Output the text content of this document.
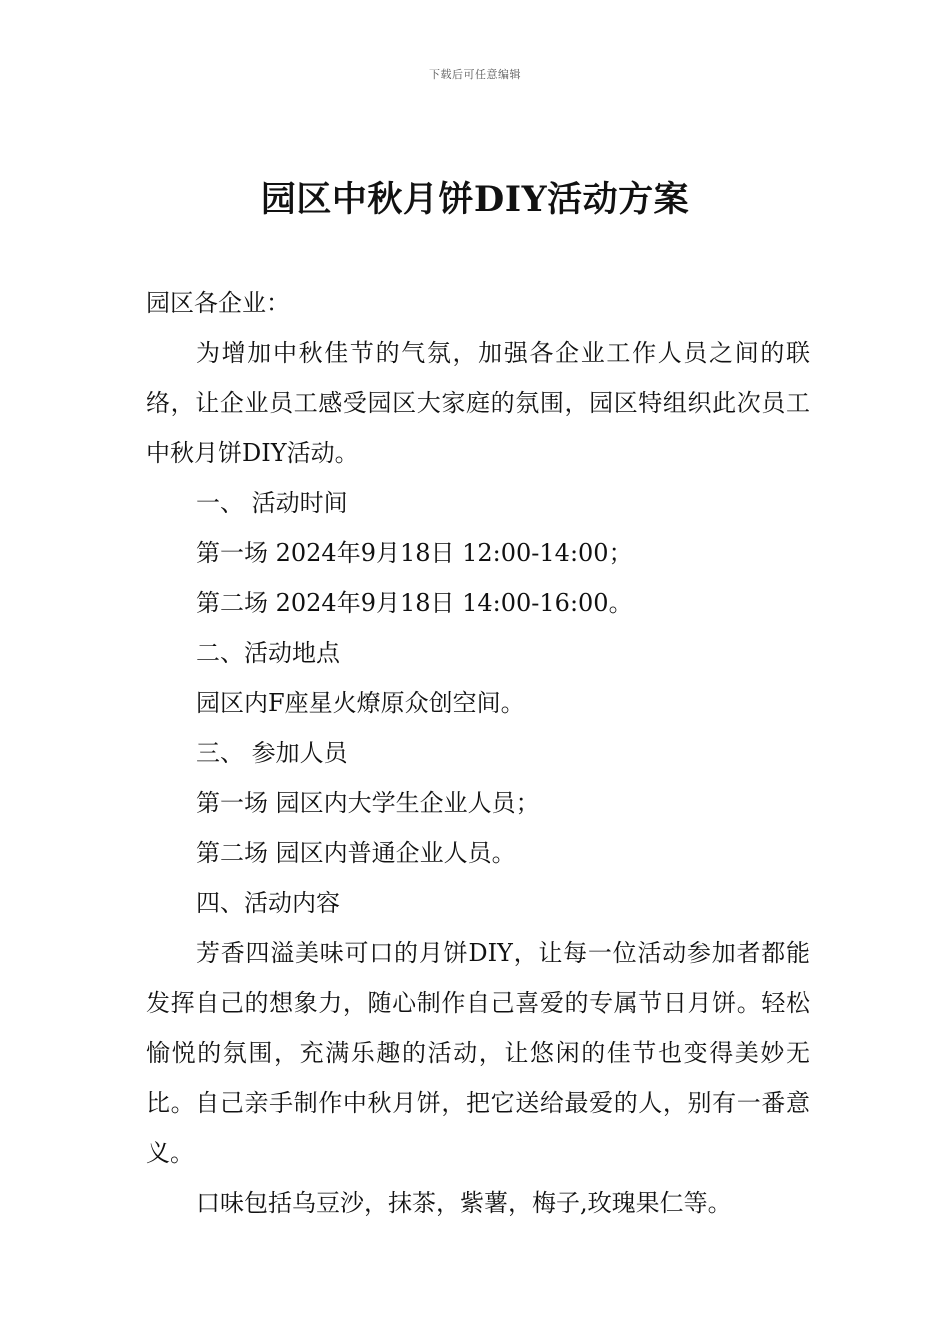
下载后可任意编辑
园区中秋月饼DIY活动方案

园区各企业：

为增加中秋佳节的气氛，加强各企业工作人员之间的联络，让企业员工感受园区大家庭的氛围，园区特组织此次员工中秋月饼DIY活动。

一、 活动时间

第一场 2024年9月18日 12:00-14:00；

第二场 2024年9月18日 14:00-16:00。

二、活动地点

园区内F座星火燎原众创空间。

三、 参加人员

第一场 园区内大学生企业人员；

第二场 园区内普通企业人员。

四、活动内容

芳香四溢美味可口的月饼DIY，让每一位活动参加者都能发挥自己的想象力，随心制作自己喜爱的专属节日月饼。轻松愉悦的氛围，充满乐趣的活动，让悠闲的佳节也变得美妙无比。自己亲手制作中秋月饼，把它送给最爱的人，别有一番意义。

口味包括乌豆沙，抹茶，紫薯，梅子,玫瑰果仁等。
